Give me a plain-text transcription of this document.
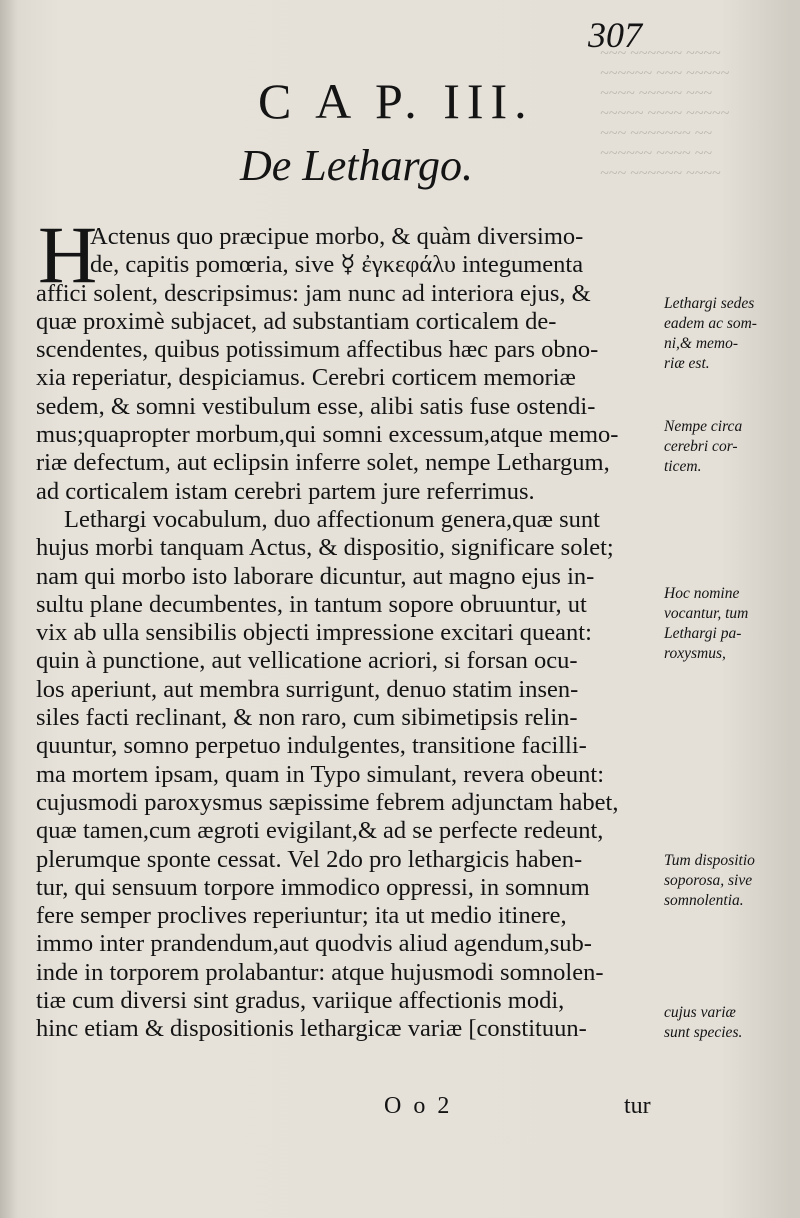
~~~ ~~~~~~ ~~~~
~~~~~~ ~~~ ~~~~~
~~~~ ~~~~~ ~~~
~~~~~ ~~~~ ~~~~~
~~~ ~~~~~~~ ~~
~~~~~~ ~~~~ ~~
~~~ ~~~~~~ ~~~~
307
C A P. III.
De Lethargo.
H
Actenus quo præcipue morbo, & quàm diversimo-
de, capitis pomœria, sive ☿ ἐγκεφάλυ integumenta
affici solent, descripsimus: jam nunc ad interiora ejus, &
quæ proximè subjacet, ad substantiam corticalem de-
scendentes, quibus potissimum affectibus hæc pars obno-
xia reperiatur, despiciamus. Cerebri corticem memoriæ
sedem, & somni vestibulum esse, alibi satis fuse ostendi-
mus;quapropter morbum,qui somni excessum,atque memo-
riæ defectum, aut eclipsin inferre solet, nempe Lethargum,
ad corticalem istam cerebri partem jure referrimus.
Lethargi vocabulum, duo affectionum genera,quæ sunt
hujus morbi tanquam Actus, & dispositio, significare solet;
nam qui morbo isto laborare dicuntur, aut magno ejus in-
sultu plane decumbentes, in tantum sopore obruuntur, ut
vix ab ulla sensibilis objecti impressione excitari queant:
quin à punctione, aut vellicatione acriori, si forsan ocu-
los aperiunt, aut membra surrigunt, denuo statim insen-
siles facti reclinant, & non raro, cum sibimetipsis relin-
quuntur, somno perpetuo indulgentes, transitione facilli-
ma mortem ipsam, quam in Typo simulant, revera obeunt:
cujusmodi paroxysmus sæpissime febrem adjunctam habet,
quæ tamen,cum ægroti evigilant,& ad se perfecte redeunt,
plerumque sponte cessat. Vel 2do pro lethargicis haben-
tur, qui sensuum torpore immodico oppressi, in somnum
fere semper proclives reperiuntur; ita ut medio itinere,
immo inter prandendum,aut quodvis aliud agendum,sub-
inde in torporem prolabantur: atque hujusmodi somnolen-
tiæ cum diversi sint gradus, variique affectionis modi,
hinc etiam & dispositionis lethargicæ variæ [constituun-
Lethargi sedes
eadem ac som-
ni,& memo-
riæ est.
Nempe circa
cerebri cor-
ticem.
Hoc nomine
vocantur, tum
Lethargi pa-
roxysmus,
Tum dispositio
soporosa, sive
somnolentia.
cujus variæ
sunt species.
O o 2	tur
